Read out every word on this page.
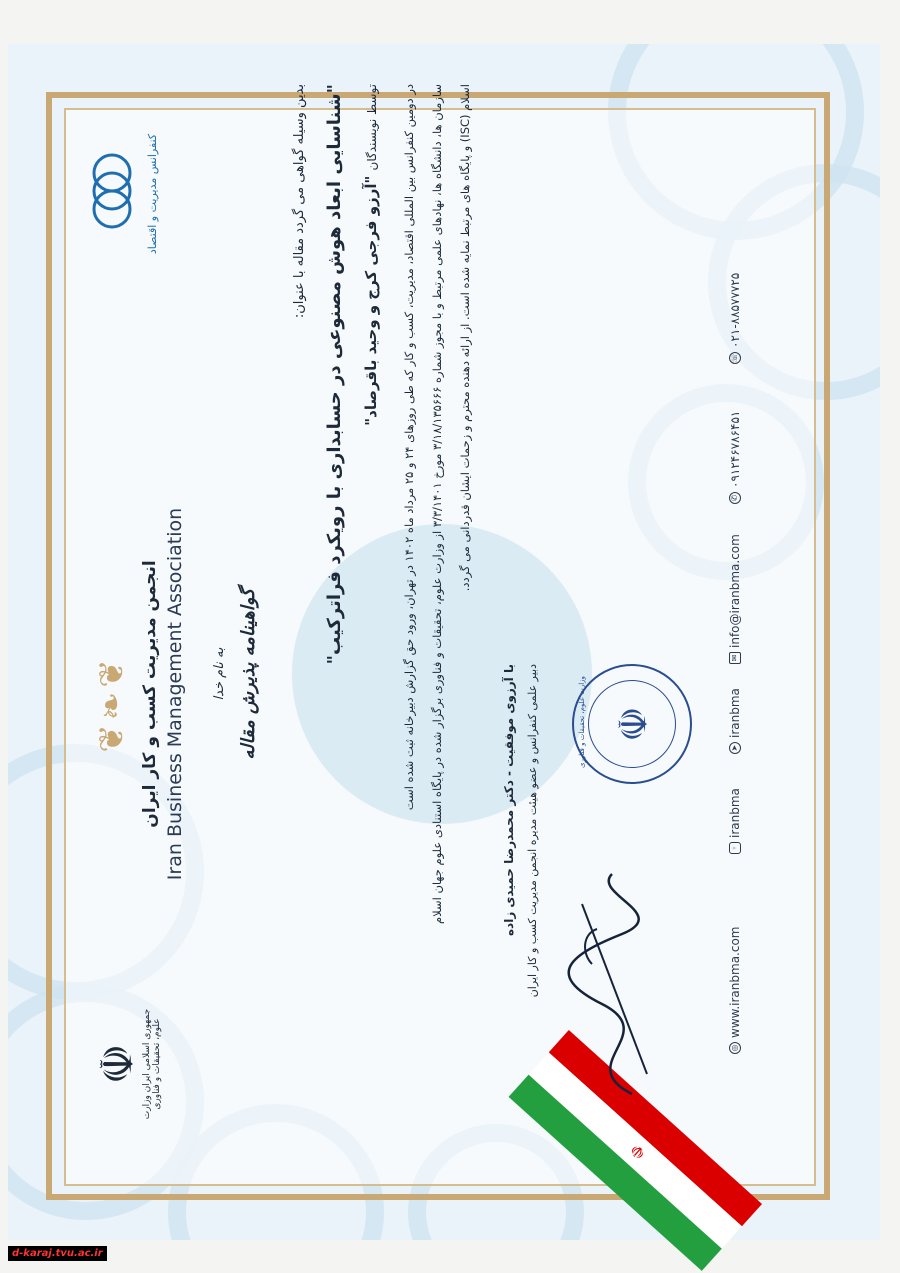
☫
☫
جمهوری اسلامی ایران وزارت علوم، تحقیقات و فناوری
❦❧❦ انجمن مدیریت کسب و کار ایران Iran Business Management Association
کنفرانس مدیریت و اقتصاد
به نام خدا گواهینامه پذیرش مقاله
بدین وسیله گواهی می گردد مقاله با عنوان: "شناسایی ابعاد هوش مصنوعی در حسابداری با رویکرد فراترکیب" توسط نویسندگان "آرزو فرجی کرج و وحید باقرصاد"
در دومین کنفرانس بین المللی اقتصاد، مدیریت، کسب و کار که طی روزهای ۲۴ و ۲۵ مرداد ماه ۱۴۰۲ در تهران، ورود حق گزارش دبیرخانه ثبت شده است
سازمان ها، دانشگاه ها، نهادهای علمی مرتبط و با مجوز شماره ۳/۱۸/۱۳۵۶۶۶ مورخ ۳/۳/۱۴۰۱ از وزارت علوم، تحقیقات و فناوری برگزار شده در پایگاه استنادی علوم جهان اسلام اسلام (ISC) و پایگاه های مرتبط نمایه شده است. از ارائه دهنده محترم و زحمات ایشان قدردانی می گردد.
با آرزوی موفقیت - دکتر محمدرضا حمیدی زاده دبیر علمی کنفرانس و عضو هیئت مدیره انجمن مدیریت کسب و کار ایران	☫
وزارت علوم، تحقیقات و فناوری
◎
www.iranbma.com
◦
iranbma
➤
iranbma
✉
info@iranbma.com
✆
۰۹۱۲۴۶۷۸۶۴۵۱
☏
۰۲۱-۸۸۵۷۷۷۲۵
d-karaj.tvu.ac.ir
